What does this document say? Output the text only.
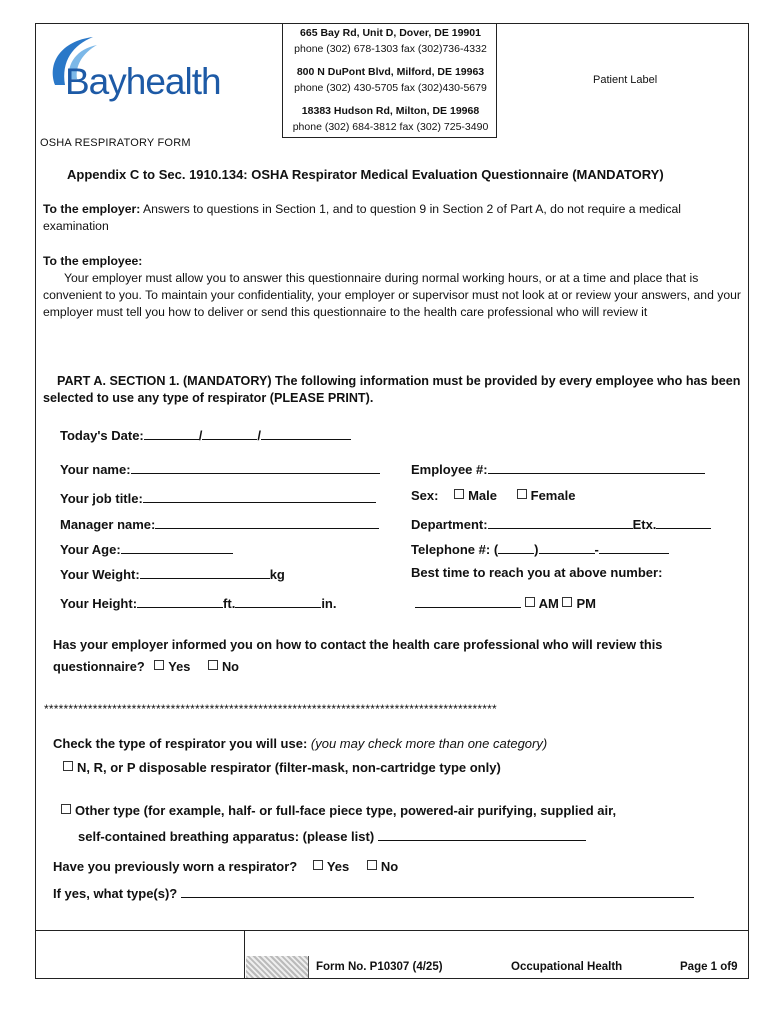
Bayhealth
OSHA RESPIRATORY FORM
665 Bay Rd, Unit D, Dover, DE 19901
phone (302) 678-1303 fax (302)736-4332
800 N DuPont Blvd, Milford, DE 19963
phone (302) 430-5705 fax (302)430-5679
18383 Hudson Rd, Milton, DE 19968
phone (302) 684-3812 fax (302) 725-3490
Patient Label
Appendix C to Sec. 1910.134: OSHA Respirator Medical Evaluation Questionnaire (MANDATORY)
To the employer: Answers to questions in Section 1, and to question 9 in Section 2 of Part A, do not require a medical examination
To the employee:
Your employer must allow you to answer this questionnaire during normal working hours, or at a time and place that is convenient to you. To maintain your confidentiality, your employer or supervisor must not look at or review your answers, and your employer must tell you how to deliver or send this questionnaire to the health care professional who will review it
PART A. SECTION 1. (MANDATORY) The following information must be provided by every employee who has been selected to use any type of respirator (PLEASE PRINT).
Today's Date:	/	/
Your name:	Employee #:
Your job title:	Sex: Male	Female
Manager name:	Department:	Etx.
Your Age:	Telephone #: (	)	-
Your Weight:	kg	Best time to reach you at above number:
Your Height:	ft.	in.	AM PM
Has your employer informed you on how to contact the health care professional who will review this questionnaire? Yes No
*********************************************************************************************
Check the type of respirator you will use: (you may check more than one category)
N, R, or P disposable respirator (filter-mask, non-cartridge type only)
Other type (for example, half- or full-face piece type, powered-air purifying, supplied air,
self-contained breathing apparatus: (please list)
Have you previously worn a respirator? Yes No
If yes, what type(s)?
Form No. P10307 (4/25)	Occupational Health	Page 1 of9
